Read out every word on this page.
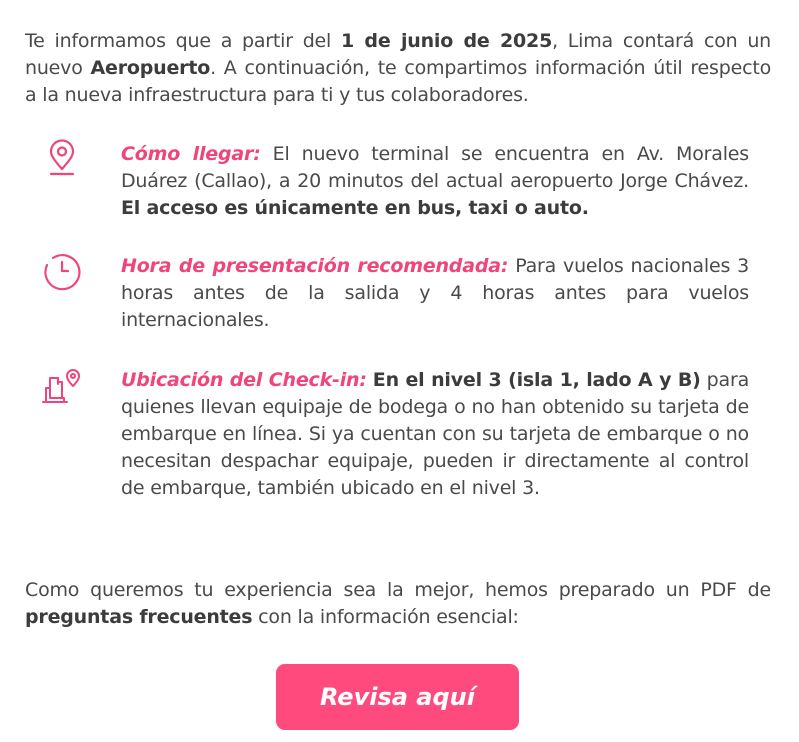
Te informamos que a partir del 1 de junio de 2025, Lima contará con un nuevo Aeropuerto. A continuación, te compartimos información útil respecto a la nueva infraestructura para ti y tus colaboradores.

Cómo llegar: El nuevo terminal se encuentra en Av. Morales Duárez (Callao), a 20 minutos del actual aeropuerto Jorge Chávez. El acceso es únicamente en bus, taxi o auto.

Hora de presentación recomendada: Para vuelos nacionales 3 horas antes de la salida y 4 horas antes para vuelos internacionales.

Ubicación del Check-in: En el nivel 3 (isla 1, lado A y B) para quienes llevan equipaje de bodega o no han obtenido su tarjeta de embarque en línea. Si ya cuentan con su tarjeta de embarque o no necesitan despachar equipaje, pueden ir directamente al control de embarque, también ubicado en el nivel 3.

Como queremos tu experiencia sea la mejor, hemos preparado un PDF de preguntas frecuentes con la información esencial:

Revisa aquí
